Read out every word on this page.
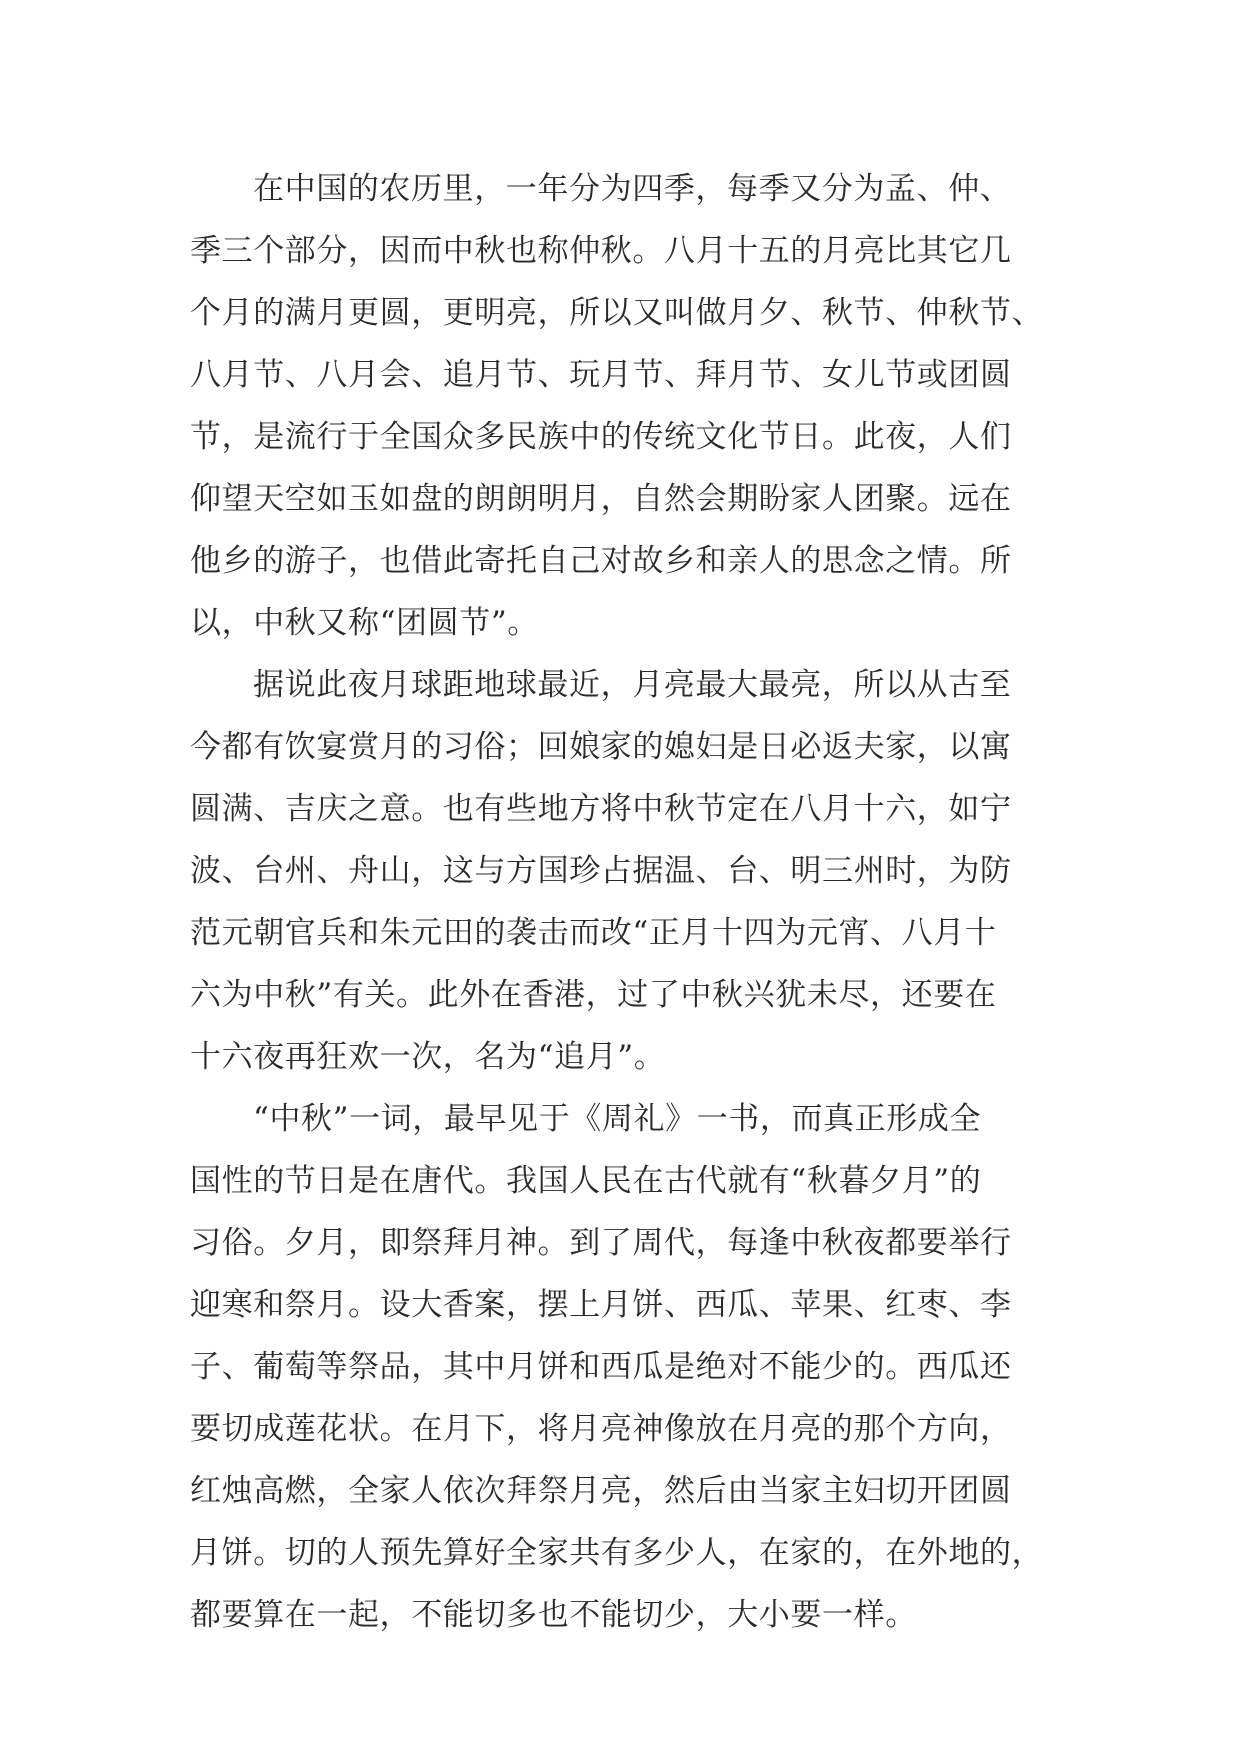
在中国的农历里，一年分为四季，每季又分为孟、仲、
季三个部分，因而中秋也称仲秋。八月十五的月亮比其它几
个月的满月更圆，更明亮，所以又叫做月夕、秋节、仲秋节、
八月节、八月会、追月节、玩月节、拜月节、女儿节或团圆
节，是流行于全国众多民族中的传统文化节日。此夜，人们
仰望天空如玉如盘的朗朗明月，自然会期盼家人团聚。远在
他乡的游子，也借此寄托自己对故乡和亲人的思念之情。所
以，中秋又称“团圆节”。
据说此夜月球距地球最近，月亮最大最亮，所以从古至
今都有饮宴赏月的习俗；回娘家的媳妇是日必返夫家，以寓
圆满、吉庆之意。也有些地方将中秋节定在八月十六，如宁
波、台州、舟山，这与方国珍占据温、台、明三州时，为防
范元朝官兵和朱元田的袭击而改“正月十四为元宵、八月十
六为中秋”有关。此外在香港，过了中秋兴犹未尽，还要在
十六夜再狂欢一次，名为“追月”。
“中秋”一词，最早见于《周礼》一书，而真正形成全
国性的节日是在唐代。我国人民在古代就有“秋暮夕月”的
习俗。夕月，即祭拜月神。到了周代，每逢中秋夜都要举行
迎寒和祭月。设大香案，摆上月饼、西瓜、苹果、红枣、李
子、葡萄等祭品，其中月饼和西瓜是绝对不能少的。西瓜还
要切成莲花状。在月下，将月亮神像放在月亮的那个方向，
红烛高燃，全家人依次拜祭月亮，然后由当家主妇切开团圆
月饼。切的人预先算好全家共有多少人，在家的，在外地的，
都要算在一起，不能切多也不能切少，大小要一样。
